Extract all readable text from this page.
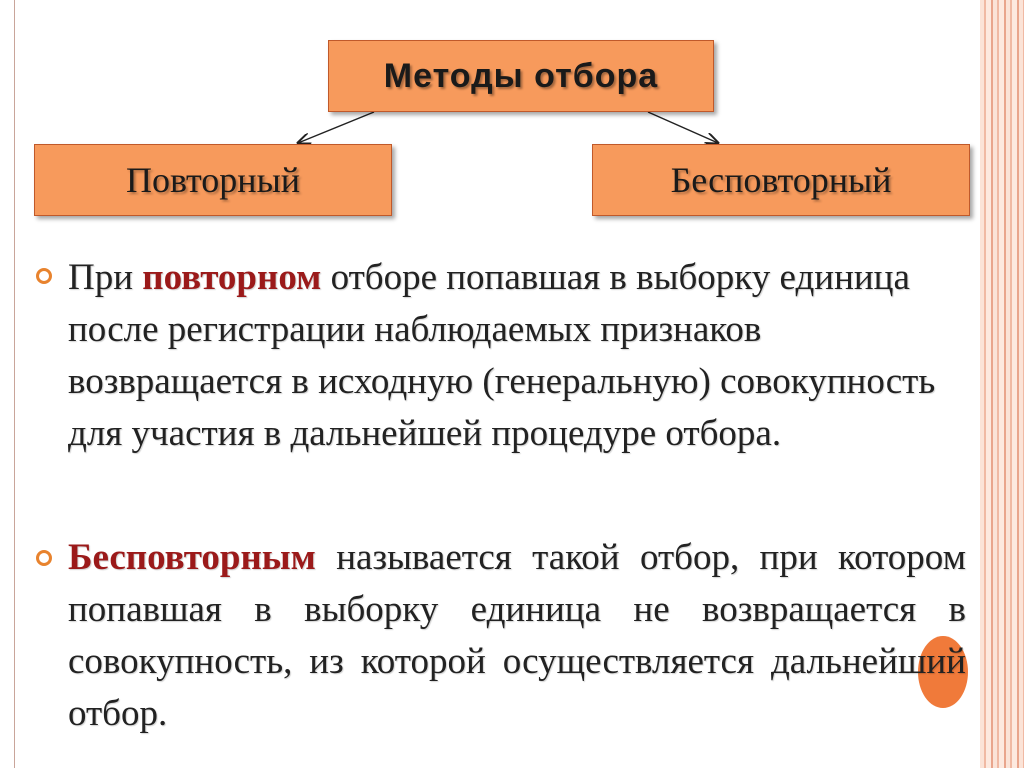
Методы отбора
Повторный	Бесповторный

При повторном отборе попавшая в выборку единица после регистрации наблюдаемых признаков возвращается в исходную (генеральную) совокупность для участия в дальнейшей процедуре отбора.

Бесповторным называется такой отбор, при котором попавшая в выборку единица не возвращается в совокупность, из которой осуществляется дальнейший отбор.
